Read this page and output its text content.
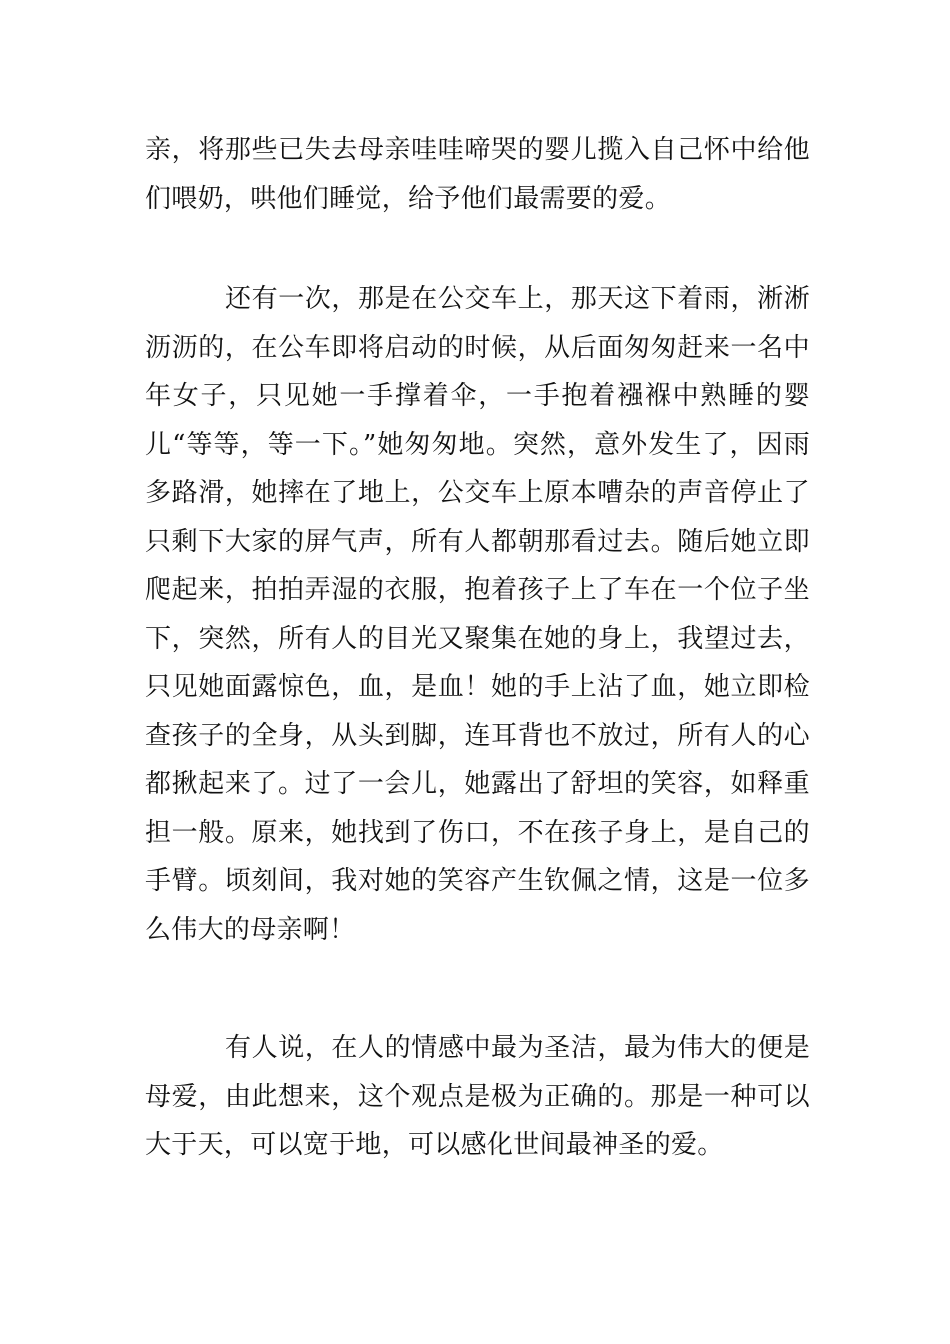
亲，将那些已失去母亲哇哇啼哭的婴儿揽入自己怀中给他们喂奶，哄他们睡觉，给予他们最需要的爱。

还有一次，那是在公交车上，那天这下着雨，淅淅沥沥的，在公车即将启动的时候，从后面匆匆赶来一名中年女子，只见她一手撑着伞，一手抱着襁褓中熟睡的婴儿“等等，等一下。”她匆匆地。突然，意外发生了，因雨多路滑，她摔在了地上，公交车上原本嘈杂的声音停止了只剩下大家的屏气声，所有人都朝那看过去。随后她立即爬起来，拍拍弄湿的衣服，抱着孩子上了车在一个位子坐下，突然，所有人的目光又聚集在她的身上，我望过去，只见她面露惊色，血，是血！她的手上沾了血，她立即检查孩子的全身，从头到脚，连耳背也不放过，所有人的心都揪起来了。过了一会儿，她露出了舒坦的笑容，如释重担一般。原来，她找到了伤口，不在孩子身上，是自己的手臂。顷刻间，我对她的笑容产生钦佩之情，这是一位多么伟大的母亲啊！

有人说，在人的情感中最为圣洁，最为伟大的便是母爱，由此想来，这个观点是极为正确的。那是一种可以大于天，可以宽于地，可以感化世间最神圣的爱。
